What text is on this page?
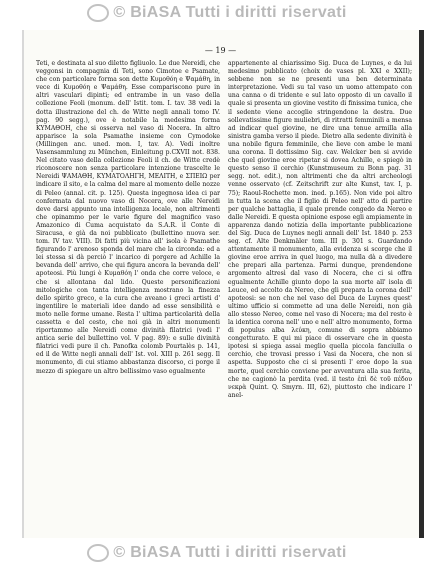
© BiASA Tutti i diritti riservati
— 19 —
Teti, e destinata al suo diletto figliuolo. Le due Nereidi, che veggonsi in compagnia di Teti, sono Cimotoe e Psamate, che con particolare forma son dette Κυμοθόη e Ψαμάθη, in vece di Κυμοθόη e Ψαμάθη. Esse compariscono pure in altri vasculari dipinti; ed entrambe in un vaso della collezione Feoli (monum. dell' Istit. tom. I. tav. 38 vedi la dotta illustrazione del ch. de Witte negli annali tomo IV. pag. 90 segg.), ove è notabile la medesima forma ΚΥΜΑΘΟΗ, che si osserva nel vaso di Nocera. In altro apparisce la sola Psamathe insieme con Cymodoke (Millingen anc. uned. mon. I, tav. A). Vedi inoltre Vasensammlung zu München, Einleitung p.CXVII not. 838. Nel citato vaso della collezione Feoli il ch. de Witte credè riconoscere non senza particolare intenzione trascelte le Nereidi ΨΑΜΑΘΗ, ΚΥΜΑΤΟΛΗΓΗ, ΜΕΛΙΤΗ, e ΣΠΕΙΩ per indicare il sito, e la calma del mare al momento delle nozze di Peleo (annal. cit. p. 125). Questa ingegnosa idea ci par confermata dal nuovo vaso di Nocera, ove alle Nereidi deve darsi appunto una intelligenza locale, non altrimenti che opinammo per le varie figure del magnifico vaso Amazonico di Cuma acquistato da S.A.R. il Conte di Siracusa, e già da noi pubblicato (bullettino nuova ser. tom. IV tav. VIII). Di fatti più vicina all' isola è Psamathe figurando l' arenoso sponda del mare che la circonda: ed a lei stessa si dà perciò l' incarico di porgere ad Achille la bevanda dell' arrivo, che qui figura ancora la bevanda dell' apoteosi. Più lungi è Κυμαθόη l' onda che corre veloce, e che si allontana dal lido. Queste personificazioni mitologiche con tanta intelligenza mostrano la finezza dello spirito greco, e la cura che aveano i greci artisti d' ingentilire le materiali idee dando ad esse sensibilità e moto nelle forme umane. Resta l' ultima particolarità della cassetta e del cesto, che noi già in altri monumenti riportammo alle Nereidi come divinità filatrici (vedi l' antica serie del bullettino vol. V pag. 89): e sulle divinità filatrici vedi pure il ch. Panofka colomb Pourtalès p. 141, ed il de Witte negli annali dell' Ist. vol. XIII p. 261 segg. Il monumento, di cui stiamo abbastanza discorso, ci porge il mezzo di spiegare un altro bellissimo vaso egualmente
appartenente al chiarissimo Sig. Duca de Luynes, e da lui medesimo pubblicato (choix de vases pl. XXI e XXII); sebbene non se ne presenti una ben determinata interpretazione. Vedi su tal vaso un uomo attempato con una canna o di tridente e sul lato opposto di un cavallo il quale si presenta un giovine vestito di finissima tunica, che il sedente viene accoglie stringendone la destra. Due sollevatissime figure muliebri, di ritratti femminili a mensa ad indicar quel giovine, ne dire una tenue armilla alla sinistra gamba verso il piede. Dietro alla sedente divinità è una nobile figura femminile, che lieve con ambe le mani una corona. Il dottissimo Sig. cav. Welcker ben si avvide che quel giovine eroe ripetar si dovea Achille, e spiegò in questo senso il cerchio (Kunstmuseum zu Bonn pag. 31 segg. not. edit.), non altrimenti che da altri archeologi venne osservato (cf. Zeitschrift zur alte Kunst, tav. I, p. 75); Raoul-Rochette mon. ined. p.165). Non vide poi altro in tutta la scena che il figlio di Peleo nell' atto di partire per qualche battaglia, il quale prende congedo da Nereo e dalle Nereidi. E questa opinione espose egli ampiamente in apparenza dando notizia della importante pubblicazione del Sig. Duca de Luynes negli annali dell' Ist. 1840 p. 253 seg. cf. Alte Denkmäler tom. III p. 301 s. Guardando attentamente il monumento, alla evidenza si scorge che il giovine eroe arriva in quel luogo, ma nulla dà a divedere che prepari alla partenza. Parmi dunque, prendendone argomento altresì dal vaso di Nocera, che ci si offra egualmente Achille giunto dopo la sua morte all' isola di Leuce, ed accolto da Nereo, che gli prepara la corona dell' apoteosi: se non che nel vaso del Duca de Luynes quest' ultimo ufficio si commette ad una delle Nereidi, non già allo stesso Nereo, come nel vaso di Nocera; ma del resto è la identica corona nell' uno e nell' altro monumento, forma di populus alba λεύκη, comune di sopra abbiamo congetturato. E qui mi piace di osservare che in questa ipotesi si spiega assai meglio quella piccola fanciulla o cerchio, che trovasi presso i Vasi da Nocera, che non si aspetta. Supposto che ci si presenti l' eroe dopo la sua morte, quel cerchio conviene per avventura alla sua ferita, che ne cagionò la perdita (ved. il testo ἐπὶ δὲ τοῦ πέδου νεκρὰ Quint. Q. Smyrn. III, 62), piuttosto che indicare l' anel-
© BiASA Tutti i diritti riservati
